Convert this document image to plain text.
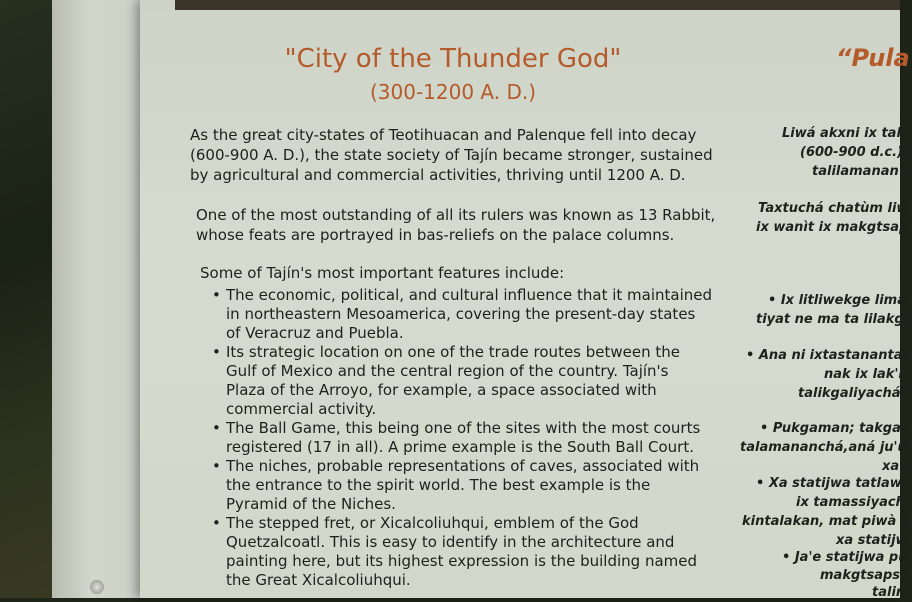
"City of the Thunder God"
(300-1200 A. D.)

As the great city-states of Teotihuacan and Palenque fell into decay (600-900 A. D.), the state society of Tajín became stronger, sustained by agricultural and commercial activities, thriving until 1200 A. D.

One of the most outstanding of all its rulers was known as 13 Rabbit, whose feats are portrayed in bas-reliefs on the palace columns.

Some of Tajín's most important features include:

• The economic, political, and cultural influence that it maintained in northeastern Mesoamerica, covering the present-day states of Veracruz and Puebla.
• Its strategic location on one of the trade routes between the Gulf of Mexico and the central region of the country. Tajín's Plaza of the Arroyo, for example, a space associated with commercial activity.
• The Ball Game, this being one of the sites with the most courts registered (17 in all). A prime example is the South Ball Court.
• The niches, probable representations of caves, associated with the entrance to the spirit world. The best example is the Pyramid of the Niches.
• The stepped fret, or Xicalcoliuhqui, emblem of the God Quetzalcoatl. This is easy to identify in the architecture and painting here, but its highest expression is the building named the Great Xicalcoliuhqui.
“Pula
Liwá akxni ix tal
(600-900 d.c.)
talilamanan
Taxtuchá chatùm liw
ix wanìt ix makgtsap
• Ix litliwekge lima
tiyat ne ma ta lilakga
• Ana ni ixtastanantap
nak ix lak'i
talikgaliyachá
• Pukgaman; takgas
talamananchá,aná ju'ú
xa
• Xa statijwa tatlaw
ix tamassiyach
kintalakan, mat piwà a
xa statijw
• Ja'e statijwa pu
makgtsapsk
talir
